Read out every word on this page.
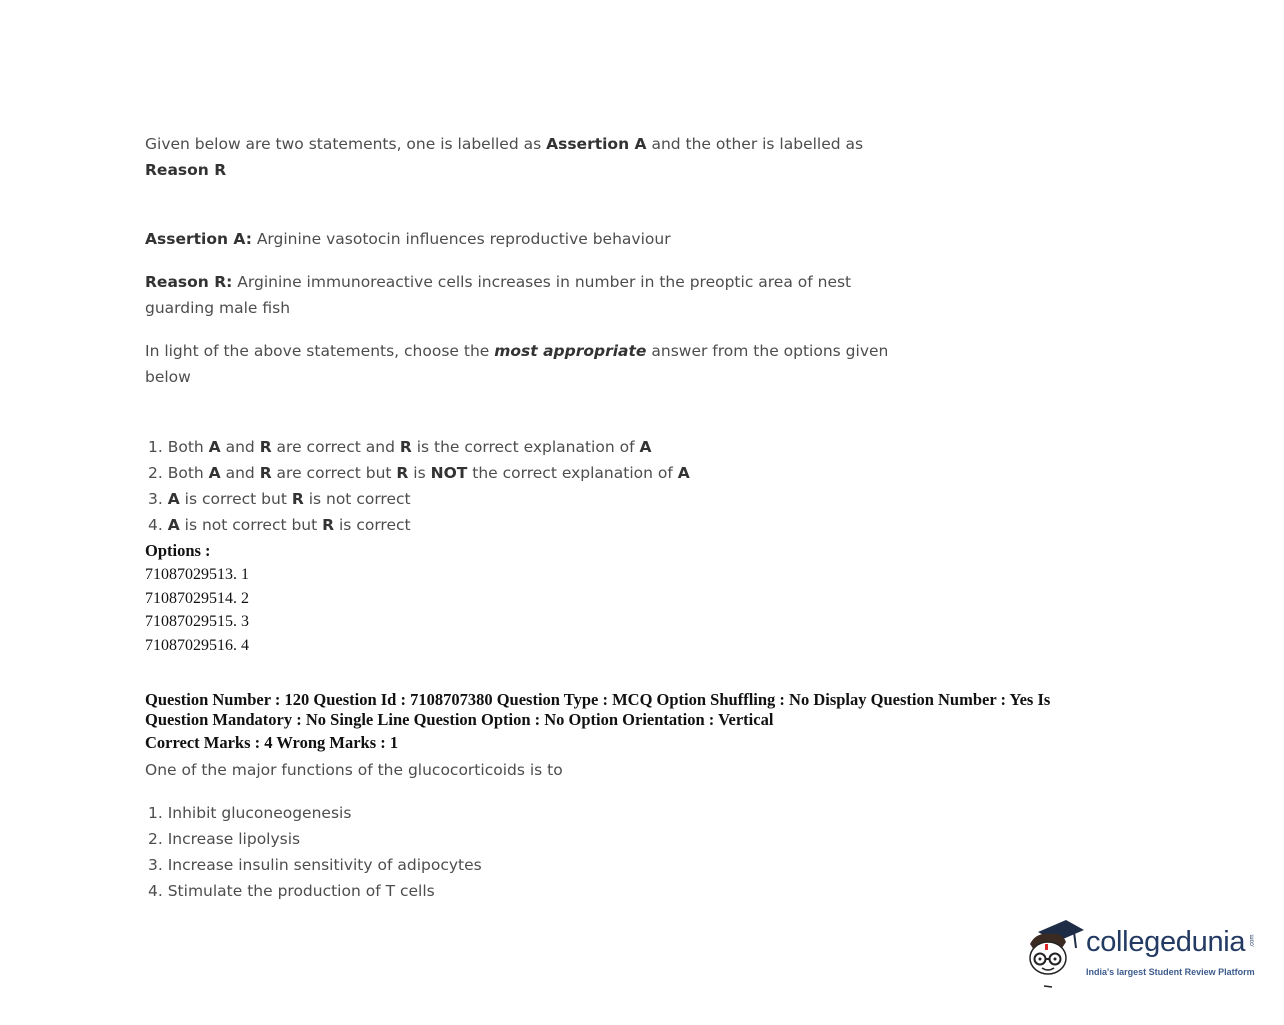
Given below are two statements, one is labelled as Assertion A and the other is labelled as
Reason R
Assertion A: Arginine vasotocin influences reproductive behaviour
Reason R: Arginine immunoreactive cells increases in number in the preoptic area of nest
guarding male fish
In light of the above statements, choose the most appropriate answer from the options given
below
1. Both A and R are correct and R is the correct explanation of A
2. Both A and R are correct but R is NOT the correct explanation of A
3. A is correct but R is not correct
4. A is not correct but R is correct
Options :
71087029513. 1
71087029514. 2
71087029515. 3
71087029516. 4
Question Number : 120 Question Id : 7108707380 Question Type : MCQ Option Shuffling : No Display Question Number : Yes Is
Question Mandatory : No Single Line Question Option : No Option Orientation : Vertical
Correct Marks : 4 Wrong Marks : 1
One of the major functions of the glucocorticoids is to
1. Inhibit gluconeogenesis
2. Increase lipolysis
3. Increase insulin sensitivity of adipocytes
4. Stimulate the production of T cells
collegedunia .com
India's largest Student Review Platform
